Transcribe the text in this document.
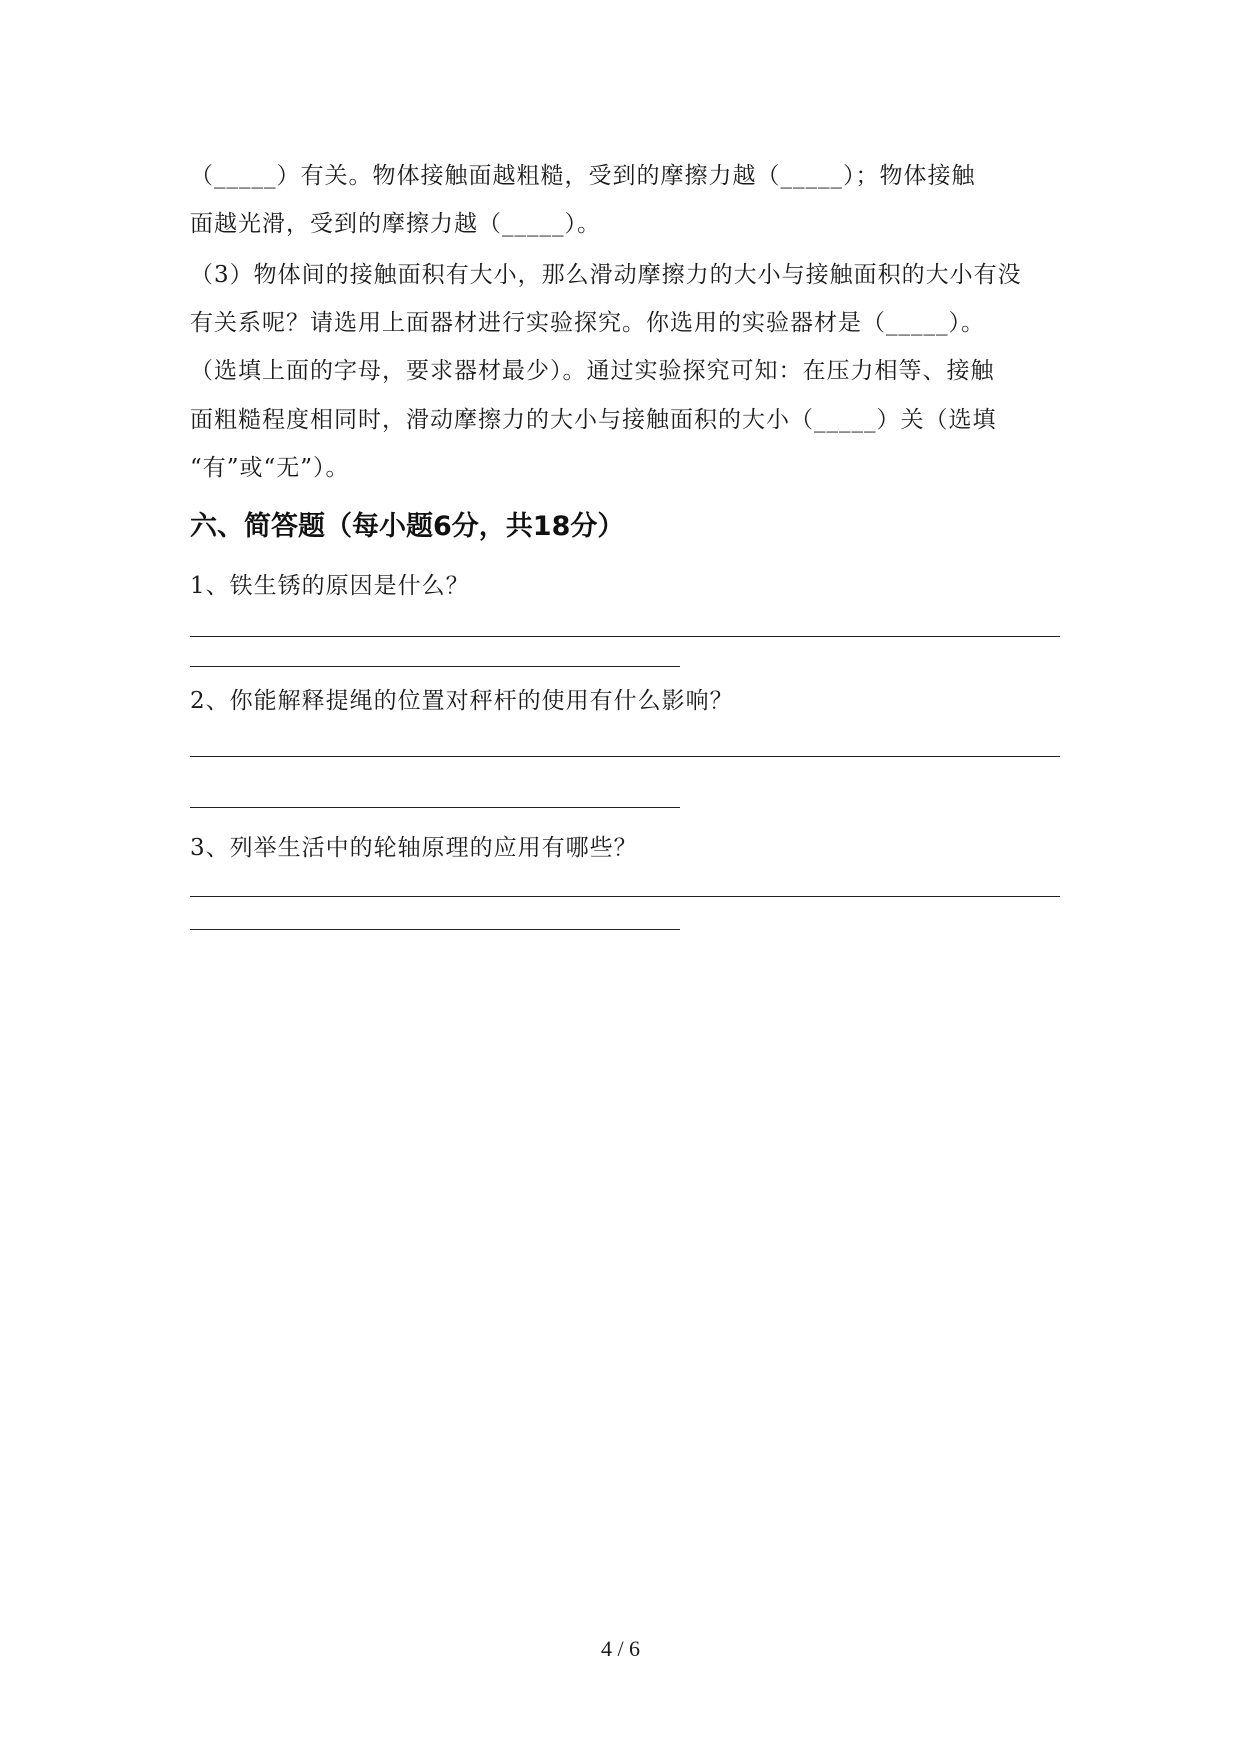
（_____）有关。物体接触面越粗糙，受到的摩擦力越（_____）；物体接触
面越光滑，受到的摩擦力越（_____）。
（3）物体间的接触面积有大小，那么滑动摩擦力的大小与接触面积的大小有没
有关系呢？请选用上面器材进行实验探究。你选用的实验器材是（_____）。
（选填上面的字母，要求器材最少）。通过实验探究可知：在压力相等、接触
面粗糙程度相同时，滑动摩擦力的大小与接触面积的大小（_____）关（选填
“有”或“无”）。
六、简答题（每小题6分，共18分）
1、铁生锈的原因是什么？
2、你能解释提绳的位置对秤杆的使用有什么影响？
3、列举生活中的轮轴原理的应用有哪些？
4 / 6
